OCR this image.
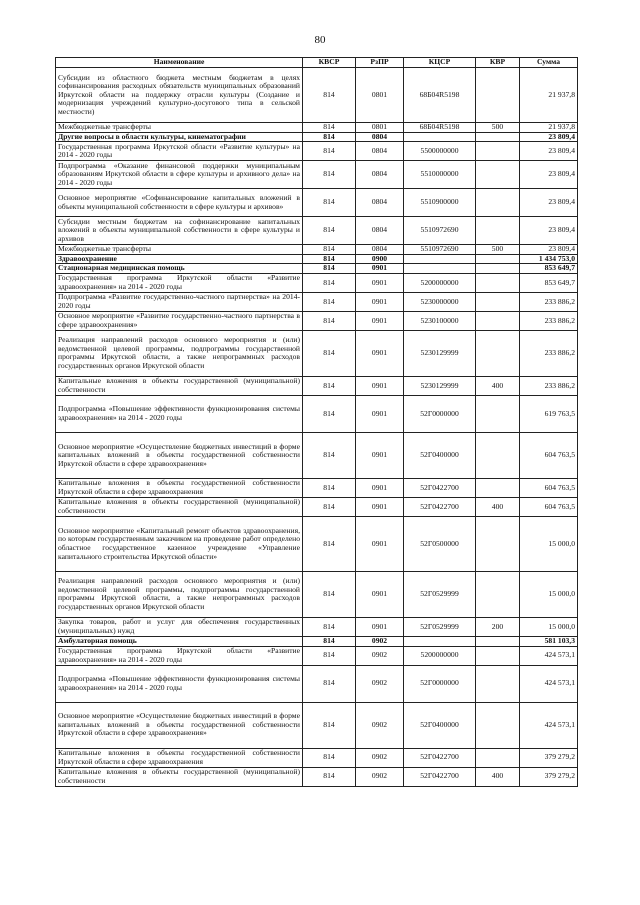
80
Наименование	КВСР	РзПР	КЦСР	КВР	Сумма
Субсидии из областного бюджета местным бюджетам в целях софинансирования расходных обязательств муниципальных образований Иркутской области на поддержку отрасли культуры (Создание и модернизация учреждений культурно-досугового типа в сельской местности)	814	0801	68Б04R5198		21 937,8
Межбюджетные трансферты	814	0801	68Б04R5198	500	21 937,8
Другие вопросы в области культуры, кинематографии	814	0804			23 809,4
Государственная программа Иркутской области «Развитие культуры» на 2014 - 2020 годы	814	0804	5500000000		23 809,4
Подпрограмма «Оказание финансовой поддержки муниципальным образованиям Иркутской области в сфере культуры и архивного дела» на 2014 - 2020 годы	814	0804	5510000000		23 809,4
Основное мероприятие «Софинансирование капитальных вложений в объекты муниципальной собственности в сфере культуры и архивов»	814	0804	5510900000		23 809,4
Субсидии местным бюджетам на софинансирование капитальных вложений в объекты муниципальной собственности в сфере культуры и архивов	814	0804	5510972690		23 809,4
Межбюджетные трансферты	814	0804	5510972690	500	23 809,4
Здравоохранение	814	0900			1 434 753,0
Стационарная медицинская помощь	814	0901			853 649,7
Государственная программа Иркутской области «Развитие здравоохранения» на 2014 - 2020 годы	814	0901	5200000000		853 649,7
Подпрограмма «Развитие государственно-частного партнерства» на 2014-2020 годы	814	0901	5230000000		233 886,2
Основное мероприятие «Развитие государственно-частного партнерства в сфере здравоохранения»	814	0901	5230100000		233 886,2
Реализация направлений расходов основного мероприятия и (или) ведомственной целевой программы, подпрограммы государственной программы Иркутской области, а также непрограммных расходов государственных органов Иркутской области	814	0901	5230129999		233 886,2
Капитальные вложения в объекты государственной (муниципальной) собственности	814	0901	5230129999	400	233 886,2
Подпрограмма «Повышение эффективности функционирования системы здравоохранения» на 2014 - 2020 годы	814	0901	52Г0000000		619 763,5
Основное мероприятие «Осуществление бюджетных инвестиций в форме капитальных вложений в объекты государственной собственности Иркутской области в сфере здравоохранения»	814	0901	52Г0400000		604 763,5
Капитальные вложения в объекты государственной собственности Иркутской области в сфере здравоохранения	814	0901	52Г0422700		604 763,5
Капитальные вложения в объекты государственной (муниципальной) собственности	814	0901	52Г0422700	400	604 763,5
Основное мероприятие «Капитальный ремонт объектов здравоохранения, по которым государственным заказчиком на проведение работ определено областное государственное казенное учреждение «Управление капитального строительства Иркутской области»	814	0901	52Г0500000		15 000,0
Реализация направлений расходов основного мероприятия и (или) ведомственной целевой программы, подпрограммы государственной программы Иркутской области, а также непрограммных расходов государственных органов Иркутской области	814	0901	52Г0529999		15 000,0
Закупка товаров, работ и услуг для обеспечения государственных (муниципальных) нужд	814	0901	52Г0529999	200	15 000,0
Амбулаторная помощь	814	0902			581 103,3
Государственная программа Иркутской области «Развитие здравоохранения» на 2014 - 2020 годы	814	0902	5200000000		424 573,1
Подпрограмма «Повышение эффективности функционирования системы здравоохранения» на 2014 - 2020 годы	814	0902	52Г0000000		424 573,1
Основное мероприятие «Осуществление бюджетных инвестиций в форме капитальных вложений в объекты государственной собственности Иркутской области в сфере здравоохранения»	814	0902	52Г0400000		424 573,1
Капитальные вложения в объекты государственной собственности Иркутской области в сфере здравоохранения	814	0902	52Г0422700		379 279,2
Капитальные вложения в объекты государственной (муниципальной) собственности	814	0902	52Г0422700	400	379 279,2
